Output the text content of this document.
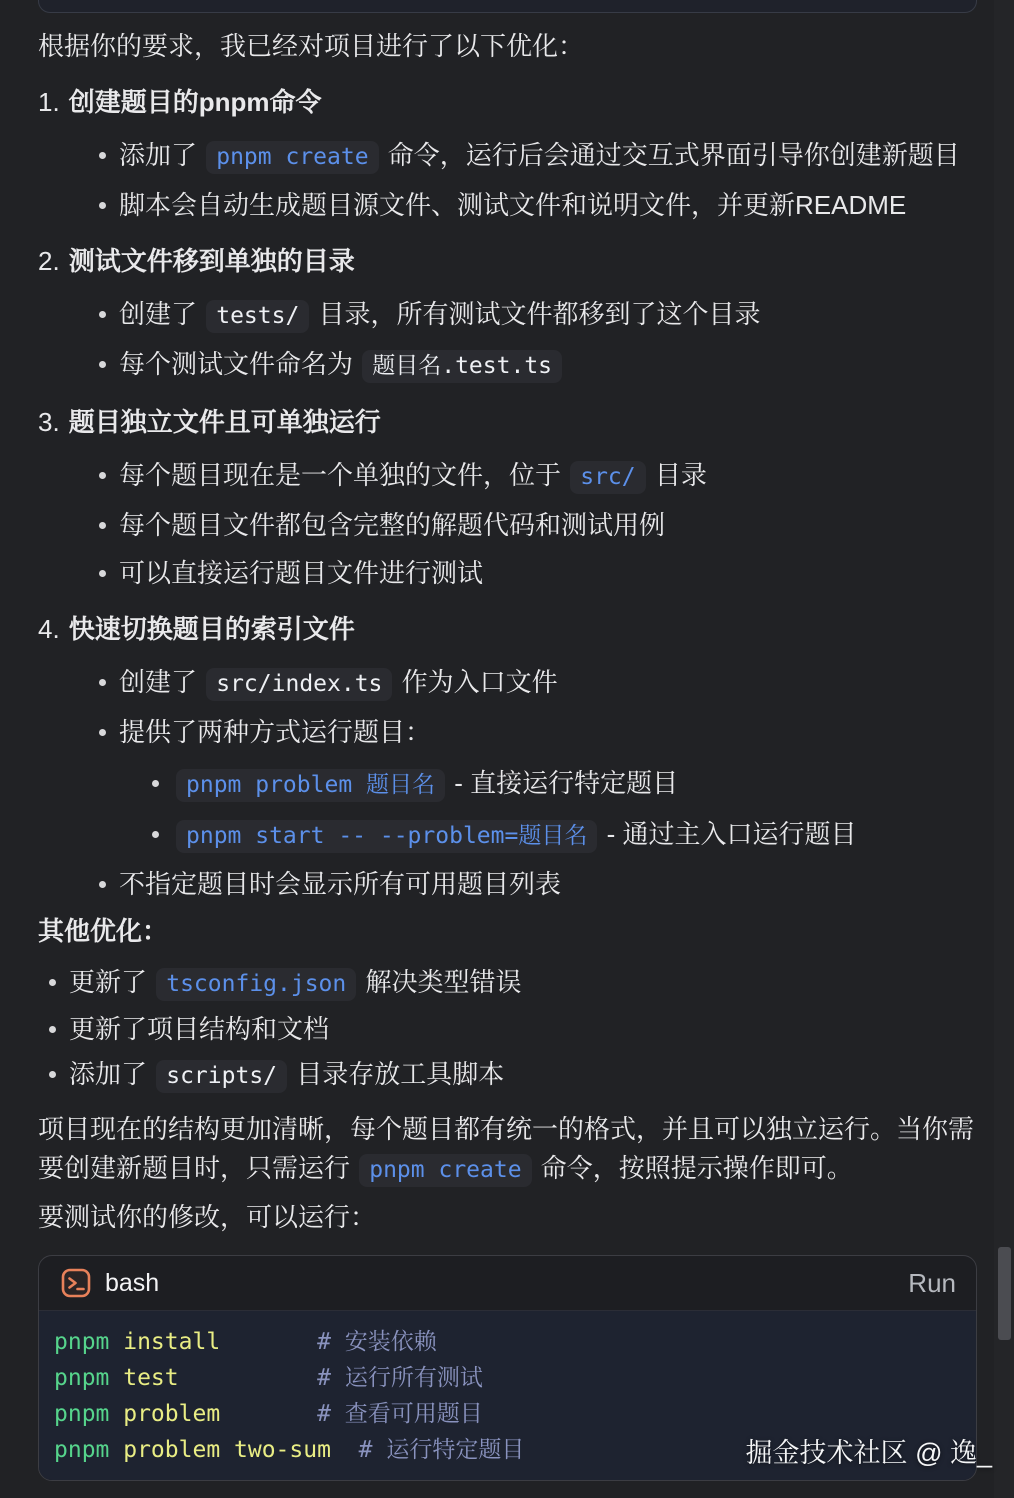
根据你的要求，我已经对项目进行了以下优化：

1. 创建题目的pnpm命令
添加了 pnpm create 命令，运行后会通过交互式界面引导你创建新题目
脚本会自动生成题目源文件、测试文件和说明文件，并更新README
2. 测试文件移到单独的目录
创建了 tests/ 目录，所有测试文件都移到了这个目录
每个测试文件命名为 题目名.test.ts
3. 题目独立文件且可单独运行
每个题目现在是一个单独的文件，位于 src/ 目录
每个题目文件都包含完整的解题代码和测试用例
可以直接运行题目文件进行测试
4. 快速切换题目的索引文件
创建了 src/index.ts 作为入口文件
提供了两种方式运行题目：
pnpm problem 题目名 - 直接运行特定题目
pnpm start -- --problem=题目名 - 通过主入口运行题目
不指定题目时会显示所有可用题目列表

其他优化：

更新了 tsconfig.json 解决类型错误
更新了项目结构和文档
添加了 scripts/ 目录存放工具脚本

项目现在的结构更加清晰，每个题目都有统一的格式，并且可以独立运行。当你需要创建新题目时，只需运行 pnpm create 命令，按照提示操作即可。

要测试你的修改，可以运行：

bash	Run
pnpm install	# 安装依赖
pnpm test	# 运行所有测试
pnpm problem	# 查看可用题目
pnpm problem two-sum # 运行特定题目	掘金技术社区 @ 逸_
